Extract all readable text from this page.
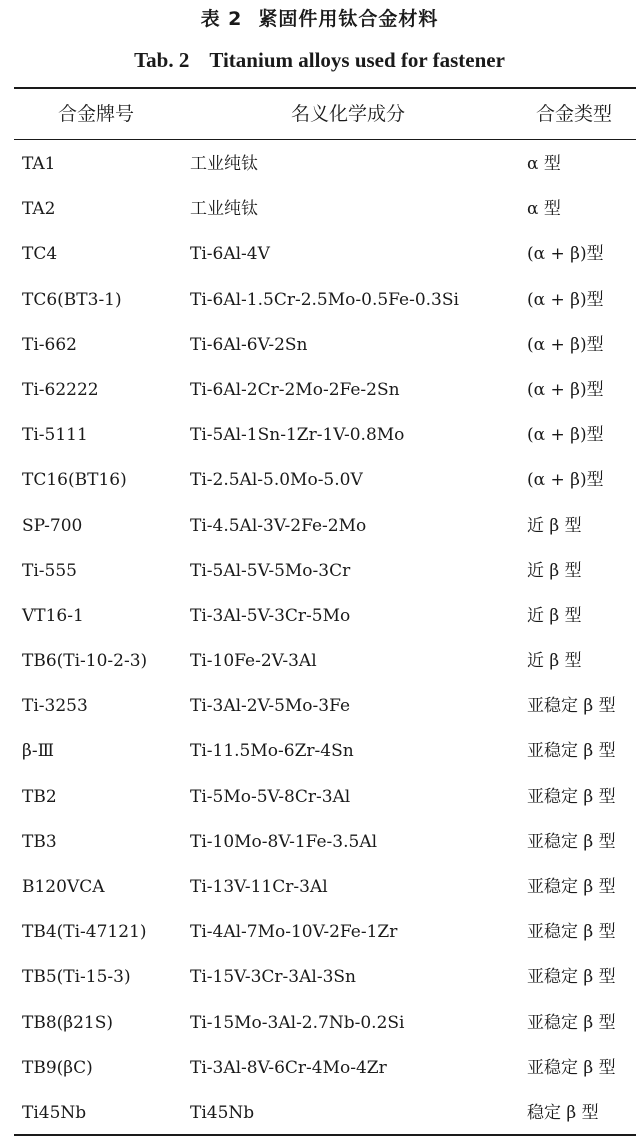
表 2 紧固件用钛合金材料
Tab. 2 Titanium alloys used for fastener
合金牌号	名义化学成分	合金类型
TA1	工业纯钛	α 型
TA2	工业纯钛	α 型
TC4	Ti-6Al-4V	(α + β)型
TC6(BT3-1)	Ti-6Al-1.5Cr-2.5Mo-0.5Fe-0.3Si	(α + β)型
Ti-662	Ti-6Al-6V-2Sn	(α + β)型
Ti-62222	Ti-6Al-2Cr-2Mo-2Fe-2Sn	(α + β)型
Ti-5111	Ti-5Al-1Sn-1Zr-1V-0.8Mo	(α + β)型
TC16(BT16)	Ti-2.5Al-5.0Mo-5.0V	(α + β)型
SP-700	Ti-4.5Al-3V-2Fe-2Mo	近 β 型
Ti-555	Ti-5Al-5V-5Mo-3Cr	近 β 型
VT16-1	Ti-3Al-5V-3Cr-5Mo	近 β 型
TB6(Ti-10-2-3)	Ti-10Fe-2V-3Al	近 β 型
Ti-3253	Ti-3Al-2V-5Mo-3Fe	亚稳定 β 型
β-Ⅲ	Ti-11.5Mo-6Zr-4Sn	亚稳定 β 型
TB2	Ti-5Mo-5V-8Cr-3Al	亚稳定 β 型
TB3	Ti-10Mo-8V-1Fe-3.5Al	亚稳定 β 型
B120VCA	Ti-13V-11Cr-3Al	亚稳定 β 型
TB4(Ti-47121)	Ti-4Al-7Mo-10V-2Fe-1Zr	亚稳定 β 型
TB5(Ti-15-3)	Ti-15V-3Cr-3Al-3Sn	亚稳定 β 型
TB8(β21S)	Ti-15Mo-3Al-2.7Nb-0.2Si	亚稳定 β 型
TB9(βC)	Ti-3Al-8V-6Cr-4Mo-4Zr	亚稳定 β 型
Ti45Nb	Ti45Nb	稳定 β 型
